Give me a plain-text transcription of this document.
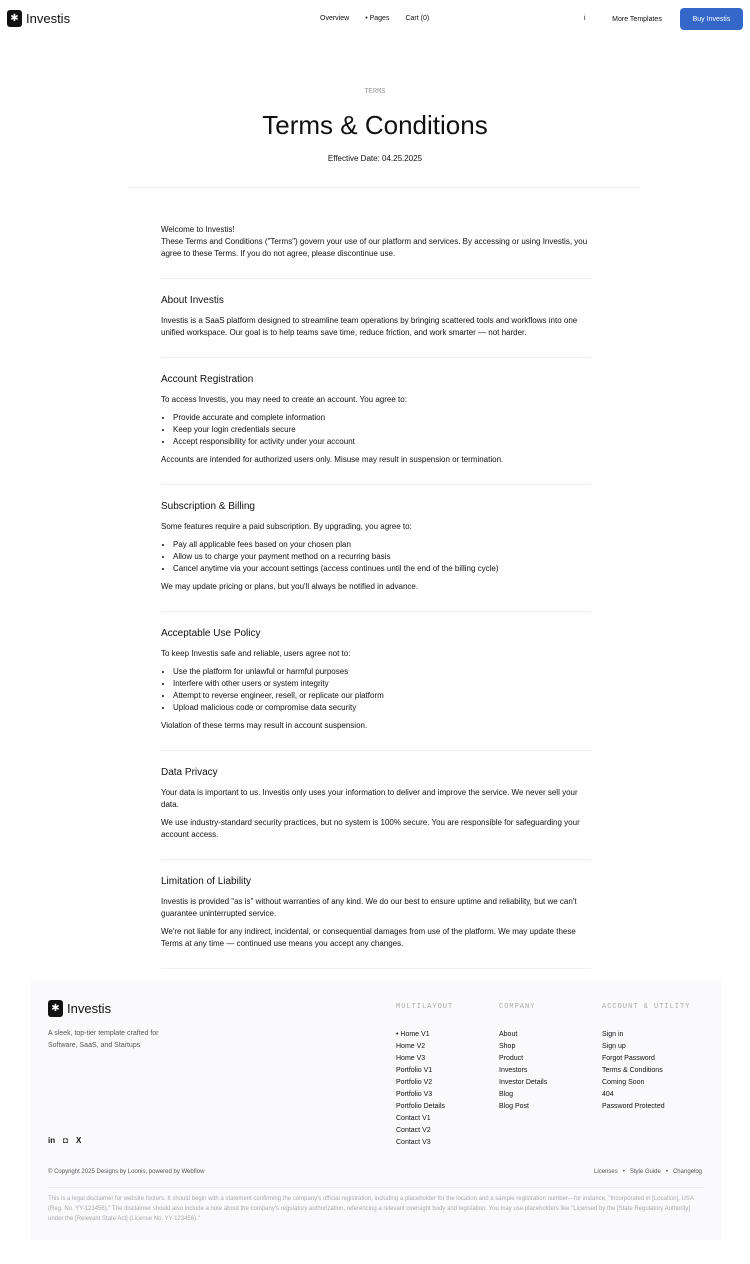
✱ Investis	Overview • Pages Cart (0)	i	More Templates	Buy Investis
TERMS
Terms & Conditions
Effective Date: 04.25.2025

Welcome to Investis!
These Terms and Conditions ("Terms") govern your use of our platform and services. By accessing or using Investis, you agree to these Terms. If you do not agree, please discontinue use.

About Investis

Investis is a SaaS platform designed to streamline team operations by bringing scattered tools and workflows into one unified workspace. Our goal is to help teams save time, reduce friction, and work smarter — not harder.

Account Registration

To access Investis, you may need to create an account. You agree to:

• Provide accurate and complete information
• Keep your login credentials secure
• Accept responsibility for activity under your account

Accounts are intended for authorized users only. Misuse may result in suspension or termination.

Subscription & Billing

Some features require a paid subscription. By upgrading, you agree to:

• Pay all applicable fees based on your chosen plan
• Allow us to charge your payment method on a recurring basis
• Cancel anytime via your account settings (access continues until the end of the billing cycle)

We may update pricing or plans, but you'll always be notified in advance.

Acceptable Use Policy

To keep Investis safe and reliable, users agree not to:

• Use the platform for unlawful or harmful purposes
• Interfere with other users or system integrity
• Attempt to reverse engineer, resell, or replicate our platform
• Upload malicious code or compromise data security

Violation of these terms may result in account suspension.

Data Privacy

Your data is important to us. Investis only uses your information to deliver and improve the service. We never sell your data.

We use industry-standard security practices, but no system is 100% secure. You are responsible for safeguarding your account access.

Limitation of Liability

Investis is provided "as is" without warranties of any kind. We do our best to ensure uptime and reliability, but we can't guarantee uninterrupted service.

We're not liable for any indirect, incidental, or consequential damages from use of the platform. We may update these Terms at any time — continued use means you accept any changes.

✱ Investis
A sleek, top-tier template crafted for Software, SaaS, and Startups
MULTILAYOUT
• Home V1
Home V2
Home V3
Portfolio V1
Portfolio V2
Portfolio V3
Portfolio Details
Contact V1
Contact V2
Contact V3
COMPANY
About
Shop
Product
Investors
Investor Details
Blog
Blog Post
ACCOUNT & UTILITY
Sign in
Sign up
Forgot Password
Terms & Conditions
Coming Soon
404
Password Protected
in ◘ X
© Copyright 2025 Designs by Loonis, powered by Webflow	Licenses • Style Guide • Changelog
This is a legal disclaimer for website footers. It should begin with a statement confirming the company's official registration, including a placeholder for the location and a sample registration number—for instance, "Incorporated in [Location], USA (Reg. No. YY-123456)." The disclaimer should also include a note about the company's regulatory authorization, referencing a relevant oversight body and legislation. You may use placeholders like "Licensed by the [State Regulatory Authority] under the [Relevant State Act] (License No. YY-123456)."
